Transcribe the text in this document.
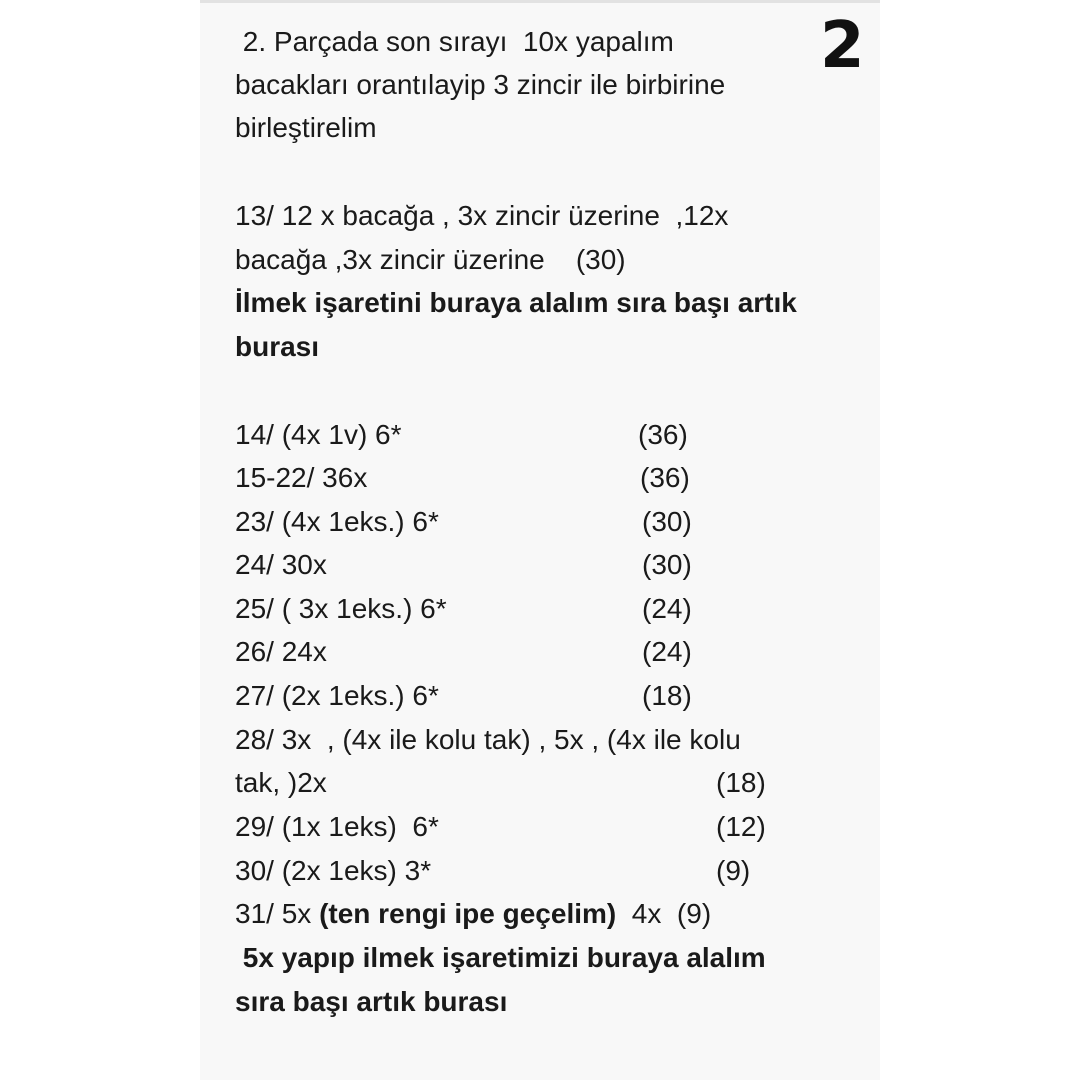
2
2. Parçada son sırayı  10x yapalım
bacakları orantılayip 3 zincir ile birbirine
birleştirelim
13/ 12 x bacağa , 3x zincir üzerine  ,12x
bacağa ,3x zincir üzerine    (30)
İlmek işaretini buraya alalım sıra başı artık
burası
14/ (4x 1v) 6*	(36)
15-22/ 36x	(36)
23/ (4x 1eks.) 6*	(30)
24/ 30x	(30)
25/ ( 3x 1eks.) 6*	(24)
26/ 24x	(24)
27/ (2x 1eks.) 6*	(18)
28/ 3x  , (4x ile kolu tak) , 5x , (4x ile kolu
tak, )2x	(18)
29/ (1x 1eks)  6*	(12)
30/ (2x 1eks) 3*	(9)
31/ 5x (ten rengi ipe geçelim)  4x  (9)
5x yapıp ilmek işaretimizi buraya alalım
sıra başı artık burası
